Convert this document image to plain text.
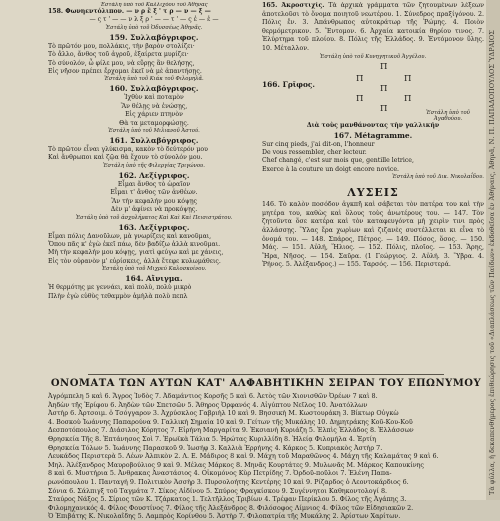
Ἐστάλη ὑπὸ τοῦ Καλλιχόου τοῦ Ἀθήνας

158. Φωνηεντόλιπον. — ν ρ ἒ ξ ' τ ρ — ν — ξ —

— ς τ ' — — ν λ ξ ρ ' — — τ ' — ς ἐ — ἐ —

Ἐστάλη ὑπὸ τοῦ Ὀδυσσέως Ἀθηνᾶς.

159. Συλλαβόγριφος.

Τὸ πρῶτόν μου, πολλάκις, τὴν βαρὸν στολίζει·

Τὸ ἄλλο, ἄνθος τοῦ ἀγροῦ, ἐξαίρετα μυρίζει·

Τὸ σύνολόν, ὦ φίλε μου, νὰ εὕρῃς ἂν θελήσῃς,

Εἰς νῆσον πρέπει ἔρχομαι ἐκεῖ νὰ μὲ ἀπαντήσῃς.

Ἐστάλη ὑπὸ τοῦ Κιάκ τοῦ Φιλομηλᾶ.

160. Συλλαβόγριφος.

Ἰχθὺν καὶ ποταμὸν

Ἂν θέλῃς νὰ ἑνώσῃς,

Εἰς χάριεν πτηνὸν

Θὰ τα μεταμορφώσῃς.

Ἐστάλη ὑπὸ τοῦ Μιλιανοῦ Ἀστού.

161. Συλλαβόγριφος.

Τὸ πρῶτον εἶναι γλύκισμα, κακὸν τὸ δεύτερόν μου

Καὶ ἄνθρωποι καὶ ζῷα θὰ ἔχουν τὸ σύνολόν μου.

Ἐστάλη ὑπὸ τῆς Φιλεργίας Τριγώνου.

162. Λεξίγριφος.

Εἶμαι ἄνθος τὸ ὡραῖον

Εἶμαι τ' ἄνθος τῶν ἀνθέων.

Ἂν τὴν κεφαλήν μου κόψῃς

Δὲν μ' ἀφίνει νὰ προκόψῃς.

Ἐστάλη ὑπὸ τοῦ ἀσχολήματος Καὶ Καὶ Καὶ Πεισιστράτου.

163. Λεξίγριφος.

Εἶμαι πόλις Δανοῦλων, μὰ γνωρίζεις καὶ κανοῦμαι,

Ὅπου πᾶς κ' ἐγὼ ἐκεῖ πάω, δὲν βαδίζω ἀλλὰ κινοῦμαι.

Μὴ τὴν κεφαλήν μου κόψῃς, γιατὶ φεύγω καὶ με χάνεις,

Εἰς τὸν οὐρανὸν μ' εὑρίσκεις, ἀλλὰ ἔτεφε κυλωμάθεις.

Ἐστάλη ὑπὸ τοῦ Μιχρεύ Καλοσκοίνου.

164. Αἴνιγμα.

Ἡ θερμότης με γεννάει, καὶ πολὺ, πολὺ μικρὸ

Πλὴν ἐγὼ εὐθὺς τεθαμμὸν ἀμὴλὰ πολὺ πεπλ

165. Ἀκροστιχίς. Τὰ ἀρχικὰ γράμματα τῶν ζητουμένων λέξεων ἀποτελοῦσι τὸ ὄνομα ποιητοῦ νεωτέρου. 1. Σύνεδρος πραξίγόνου. 2. Πόλις ἔν. 3. Ἀπάνθρωπος αὐτοκράτωρ τῆς Ῥώμης. 4. Ποιὸν θερμόμετρικον. 5. Ἔντομον. 6. Ἀρχαία κατοικία θηρίου τινος. 7. Ἑλύρτημα τοῦ πλοίου. 8. Πόλις τῆς Ἑλλάδος. 9. Ἐντόμονον ὕλης. 10. Μέταλλον.

Ἐστάλη ὑπὸ τοῦ Κυνηγητικοῦ Ἀγγέλου.

166. Γρῖφος.
Π
Π	Π
Π
Π	Π
Π	Ἐστάλη ὑπὸ τοῦ Ἀγαθούου.

Διὰ τοὺς μανθάνοντας τὴν γαλλικήν

167. Métagramme.

Sur cinq pieds, j'ai dit-on, l'honneur

De vous ressembler, cher lecteur.

Chef changé, c'est sur mois que, gentille letrice,

Exerce à la couture un doigt encore novice.

Ἐστάλη ὑπὸ τοῦ Δικ. Νικολαΐδου.

ΛΥΣΕΙΣ

146. Τὸ καλὸν ποσόδον ἀγκπῆ καὶ σάβεται τὸν πατέρα του καὶ τὴν μητέρα του, καθὼς καὶ ὅλους τοὺς ἀνωτέρους του. — 147. Τὸν ζητοῦντα ὅσε κατέρα καὶ τὸν καταφευγόντα μὴ χειρὶν τινι πρὸς ἀλλάσσῃς. Ὕλας ἔρα χωρὶων καὶ ζιζανὲς συστέλλεται κι εἶνα τὸ ὀνομά του. — 148. Σπάρος, Πέτρος. — 149. Πόσος, ὅσος. — 150. Μάς. — 151. Αὐλή, Ἥλιος. — 152. Πόλις, πλοῖος. — 153. Ἄρης, Ἥρα, Νῆσος. — 154. Σαῦρα. (1 Γεώργιος. 2. Αὐλή. 3. Ὕβρα. 4. Ῥήνος. 5. Ἀλέξανδρος.) — 155. Ταρσός. — 156. Περιστερά.

ΟΝΟΜΑΤΑ ΤΩΝ ΑΥΤΩΝ ΚΑΤ' ΑΛΦΑΒΗΤΙΚΗΝ ΣΕΙΡΑΝ ΤΟΥ ΕΠΩΝΥΜΟΥ

Ἀγρόμπελη 5 καὶ 6. Ἄγρος Ἰνδὸς 7. Ἀδαμάντιος Κορσῆς 5 καὶ 6. Ἀετὸς τῶν Χιονισθῶν Ὀρέων 7 καὶ 8.

Ἀηδὼν τῆς Ἑρίφου 6. Ἀηδὼν τῶν Σπετσῶν 5. Ἄθηρος Ὀρφανός 4. Αἰγύπτου Νεῖλος 10. Ἀνατόλλων

Ἀστὴρ 6. Ἀρτσοιμ. ὁ Τσόγγαρον 3. Ἀχρύσκλος Γαβριὴλ 10 καὶ 9. Βησσικὴ Μ. Κωστουράκη 3. Βίκτωρ Οὐγκὼ

4. Βοσκοὺ Ἰωάννης Παπαρούνα 9. Γαλλικὴ Σημαία 10 καὶ 9. Γείτων τῆς Μυκάλης 10. Δημητράκης Κοῦ-Κου-Κοῦ

Δεσποτόπουλος 7. Διάσιλος Κόρητος 7. Εἰρήνη Μαργαρίτα 9. Ἐκσιανὴ Κυριάζη 5. Ἐλπὶς Ἑλλάδος 8. Ἑλλάσσων

Θρησκεία Τῆς 8. Ἑπτάνησος Σοὶ 7. Ἐρωϊκὰ Τάλια 5. Ἡρώτας Κυριλλίδη 8. Ἠλείᾳ Φιλομήλα 4. Ἐρτίη

Θρησκεία Τόλων 5. Ἰωάννης Παρασκοῦ 9. Ἰωσήφ 3. Καλλιὰ Ἐρρήνης 4. Κάρκος 5. Κυπριακὸς Ἀστὴρ 7.

Λευκάδος Περιστερὰ 5. Λέων Ἀλπικὸν 2. Λ. Ε. Μάδιρος 8 καὶ 9. Μάχη τοῦ Μαραθῶνος 4. Μάχη τῆς Καλαμάτας 9 καὶ 6.

Μηλ. Ἀλέξανδρος Μαυροβούλιος 9 καὶ 9. Μέλας Μάρκος 8. Μηνᾶς Κουρτάτες 9. Μυλωνᾶς Μ. Μάρκος Καπουκίνης

8 καὶ 6. Μυστήρια 5. Ἀνθρακας Ἀναστάσιος 4. Οἰκομόνος Κὺρ Πετρίδης 7. Ὀρδοῦ-ποῦλοι 7. Ἑλένη Παπα-

ρωνόπουλου 1. Πανταγή 9. Πολιτικὸν Ἀσσὴρ 3. Πυρσολοήτης Κεντέρης 10 καὶ 9. Ρίζαρδος ὁ Λεοντοκάρδιος 6.

Σόνια 6. Σάλπιγξ τοῦ Ταγμάτα 7. Σίκος Αἰδίνου 5. Σπύρος Φραγκίσκου 9. Συγέννητοι Καθηκοντολογί 8.

Σταύρος Νάξος 5. Σίριος τῶν Κ. Τζάρκατος 1. Τελτῆλλος Τριβίων 4. Τρέφαν Περίκλου 5. Φίλος τῆς Ἀγάπης 3.

Φιλομηχανικός 4. Φίλος Φουστίνος 7. Φίλος τῆς Ἀλεξάνδρος 8. Φιλόσοφος Λίμνιος 4. Φίλος τῶν Εἰδησιακῶν 2.

Ὁ Ἐπιβάτης Κ. Νικολαΐδης 5. Λαμπρὸς Κορίνθου 5. Ἀστὴρ 7. Φιλοπατρία τῆς Μυκάλης 2. Ἀρίστων Χαρίτων.

Τὰ φύλλα, ἡ δεκαπενθήμερος ἐπιθεώρησις τοῦ «Διαπλάσεως τῶν Παίδων» ἐκδοθεῖσα ἐν Ἀθήναις, Ἀθηνᾶ, Ν. Π. ΠΑΠΑΔΟΠΟΥΛΟΣ ὙΔΡΑΙΟΣ
